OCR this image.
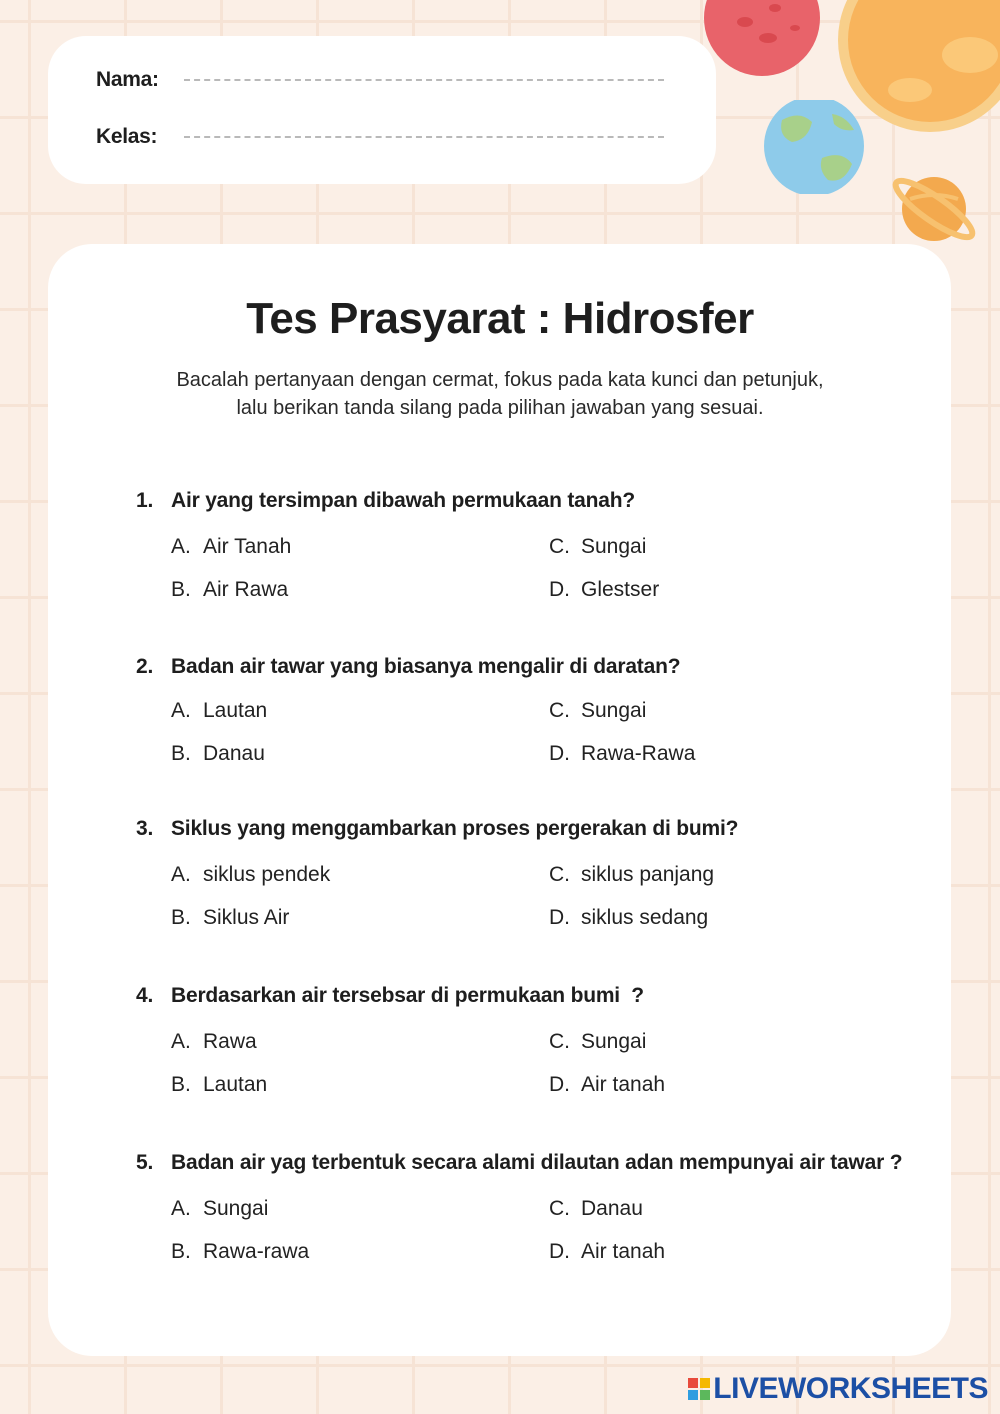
Nama:
Kelas:
Tes Prasyarat : Hidrosfer

Bacalah pertanyaan dengan cermat, fokus pada kata kunci dan petunjuk, lalu berikan tanda silang pada pilihan jawaban yang sesuai.

1. Air yang tersimpan dibawah permukaan tanah?
A. Air Tanah
B. Air Rawa
C. Sungai
D. Glestser
2. Badan air tawar yang biasanya mengalir di daratan?
A. Lautan
B. Danau
C. Sungai
D. Rawa-Rawa
3. Siklus yang menggambarkan proses pergerakan di bumi?
A. siklus pendek
B. Siklus Air
C. siklus panjang
D. siklus sedang
4. Berdasarkan air tersebsar di permukaan bumi  ?
A. Rawa
B. Lautan
C. Sungai
D. Air tanah
5. Badan air yag terbentuk secara alami dilautan adan mempunyai air tawar ?
A. Sungai
B. Rawa-rawa
C. Danau
D. Air tanah
LIVEWORKSHEETS
